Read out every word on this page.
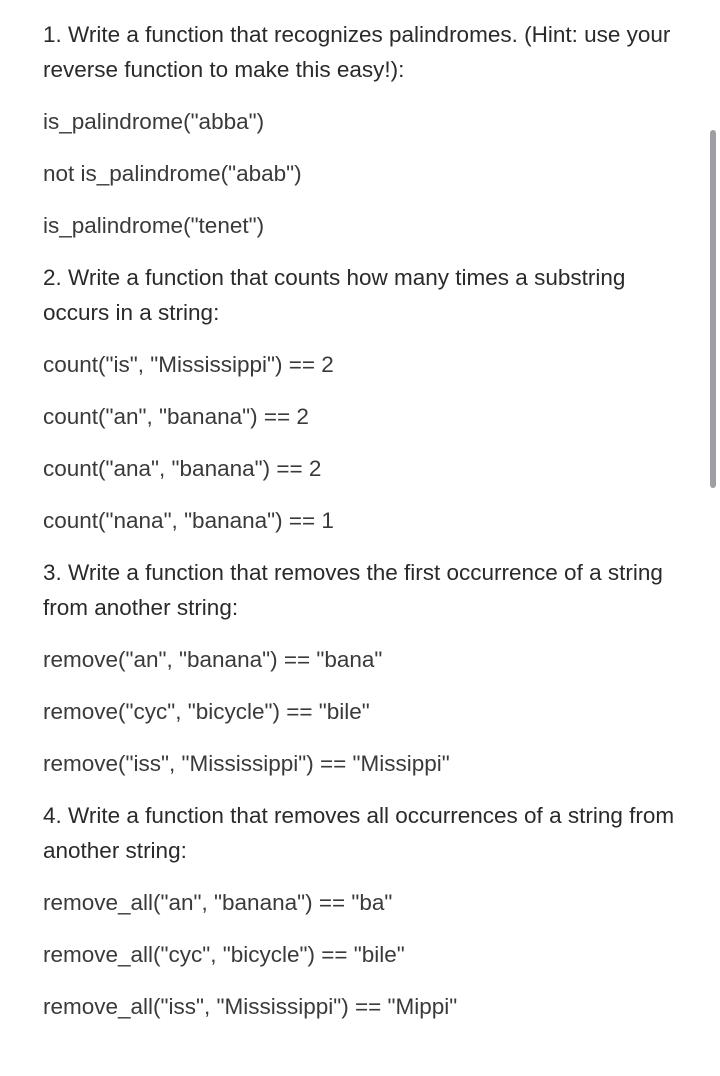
1. Write a function that recognizes palindromes. (Hint: use your reverse function to make this easy!):

is_palindrome("abba")
not is_palindrome("abab")
is_palindrome("tenet")

2. Write a function that counts how many times a substring occurs in a string:

count("is", "Mississippi") == 2
count("an", "banana") == 2
count("ana", "banana") == 2
count("nana", "banana") == 1

3. Write a function that removes the first occurrence of a string from another string:

remove("an", "banana") == "bana"
remove("cyc", "bicycle") == "bile"
remove("iss", "Mississippi") == "Missippi"

4. Write a function that removes all occurrences of a string from another string:

remove_all("an", "banana") == "ba"
remove_all("cyc", "bicycle") == "bile"
remove_all("iss", "Mississippi") == "Mippi"
